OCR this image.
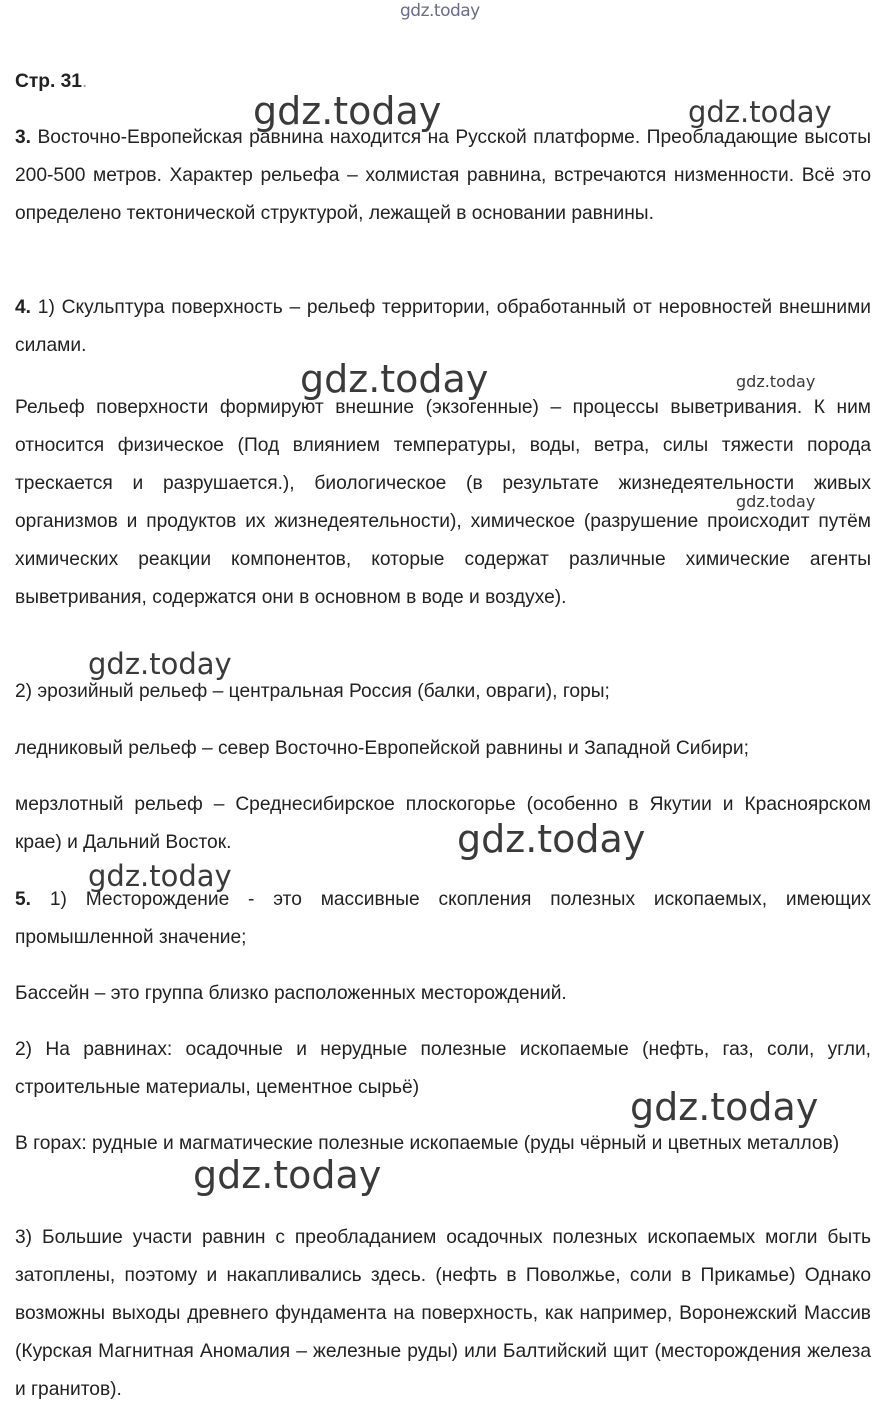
gdz.today
gdz.today	gdz.today
gdz.today	gdz.today
gdz.today
gdz.today
gdz.today
gdz.today
gdz.today
gdz.today
Стр. 31.

3. Восточно-Европейская равнина находится на Русской платформе. Преобладающие высоты 200-500 метров. Характер рельефа – холмистая равнина, встречаются низменности. Всё это определено тектонической структурой, лежащей в основании равнины.

4. 1) Скульптура поверхность – рельеф территории, обработанный от неровностей внешними силами.

Рельеф поверхности формируют внешние (экзогенные) – процессы выветривания. К ним относится физическое (Под влиянием температуры, воды, ветра, силы тяжести порода трескается и разрушается.), биологическое (в результате жизнедеятельности живых организмов и продуктов их жизнедеятельности), химическое (разрушение происходит путём химических реакции компонентов, которые содержат различные химические агенты выветривания, содержатся они в основном в воде и воздухе).

2) эрозийный рельеф – центральная Россия (балки, овраги), горы;

ледниковый рельеф – север Восточно-Европейской равнины и Западной Сибири;

мерзлотный рельеф – Среднесибирское плоскогорье (особенно в Якутии и Красноярском крае) и Дальний Восток.

5. 1) Месторождение - это массивные скопления полезных ископаемых, имеющих промышленной значение;

Бассейн – это группа близко расположенных месторождений.

2) На равнинах: осадочные и нерудные полезные ископаемые (нефть, газ, соли, угли, строительные материалы, цементное сырьё)

В горах: рудные и магматические полезные ископаемые (руды чёрный и цветных металлов)

3) Большие участи равнин с преобладанием осадочных полезных ископаемых могли быть затоплены, поэтому и накапливались здесь. (нефть в Поволжье, соли в Прикамье) Однако возможны выходы древнего фундамента на поверхность, как например, Воронежский Массив (Курская Магнитная Аномалия – железные руды) или Балтийский щит (месторождения железа и гранитов).
